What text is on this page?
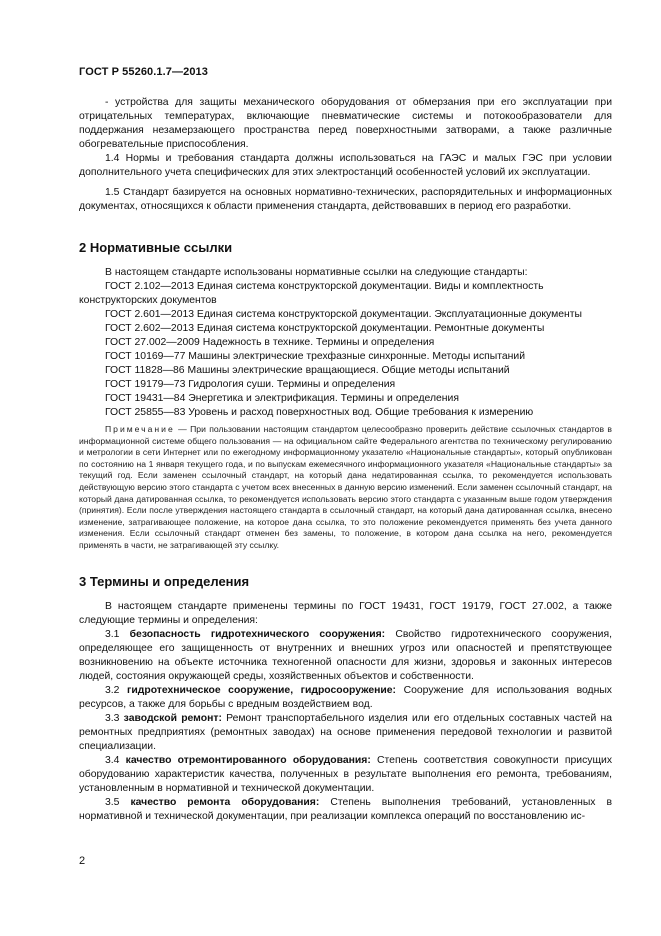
ГОСТ Р 55260.1.7—2013

- устройства для защиты механического оборудования от обмерзания при его эксплуатации при отрицательных температурах, включающие пневматические системы и потокообразователи для поддержания незамерзающего пространства перед поверхностными затворами, а также различные обогревательные приспособления.

1.4 Нормы и требования стандарта должны использоваться на ГАЭС и малых ГЭС при условии дополнительного учета специфических для этих электростанций особенностей условий их эксплуатации.

1.5 Стандарт базируется на основных нормативно-технических, распорядительных и информационных документах, относящихся к области применения стандарта, действовавших в период его разработки.

2 Нормативные ссылки

В настоящем стандарте использованы нормативные ссылки на следующие стандарты:

ГОСТ 2.102—2013 Единая система конструкторской документации. Виды и комплектность конструкторских документов

ГОСТ 2.601—2013 Единая система конструкторской документации. Эксплуатационные документы

ГОСТ 2.602—2013 Единая система конструкторской документации. Ремонтные документы

ГОСТ 27.002—2009 Надежность в технике. Термины и определения

ГОСТ 10169—77 Машины электрические трехфазные синхронные. Методы испытаний

ГОСТ 11828—86 Машины электрические вращающиеся. Общие методы испытаний

ГОСТ 19179—73 Гидрология суши. Термины и определения

ГОСТ 19431—84 Энергетика и электрификация. Термины и определения

ГОСТ 25855—83 Уровень и расход поверхностных вод. Общие требования к измерению

Примечание — При пользовании настоящим стандартом целесообразно проверить действие ссылочных стандартов в информационной системе общего пользования — на официальном сайте Федерального агентства по техническому регулированию и метрологии в сети Интернет или по ежегодному информационному указателю «Национальные стандарты», который опубликован по состоянию на 1 января текущего года, и по выпускам ежемесячного информационного указателя «Национальные стандарты» за текущий год. Если заменен ссылочный стандарт, на который дана недатированная ссылка, то рекомендуется использовать действующую версию этого стандарта с учетом всех внесенных в данную версию изменений. Если заменен ссылочный стандарт, на который дана датированная ссылка, то рекомендуется использовать версию этого стандарта с указанным выше годом утверждения (принятия). Если после утверждения настоящего стандарта в ссылочный стандарт, на который дана датированная ссылка, внесено изменение, затрагивающее положение, на которое дана ссылка, то это положение рекомендуется применять без учета данного изменения. Если ссылочный стандарт отменен без замены, то положение, в котором дана ссылка на него, рекомендуется применять в части, не затрагивающей эту ссылку.

3 Термины и определения

В настоящем стандарте применены термины по ГОСТ 19431, ГОСТ 19179, ГОСТ 27.002, а также следующие термины и определения:

3.1 безопасность гидротехнического сооружения: Свойство гидротехнического сооружения, определяющее его защищенность от внутренних и внешних угроз или опасностей и препятствующее возникновению на объекте источника техногенной опасности для жизни, здоровья и законных интересов людей, состояния окружающей среды, хозяйственных объектов и собственности.

3.2 гидротехническое сооружение, гидросооружение: Сооружение для использования водных ресурсов, а также для борьбы с вредным воздействием вод.

3.3 заводской ремонт: Ремонт транспортабельного изделия или его отдельных составных частей на ремонтных предприятиях (ремонтных заводах) на основе применения передовой технологии и развитой специализации.

3.4 качество отремонтированного оборудования: Степень соответствия совокупности присущих оборудованию характеристик качества, полученных в результате выполнения его ремонта, требованиям, установленным в нормативной и технической документации.

3.5 качество ремонта оборудования: Степень выполнения требований, установленных в нормативной и технической документации, при реализации комплекса операций по восстановлению ис-

2
